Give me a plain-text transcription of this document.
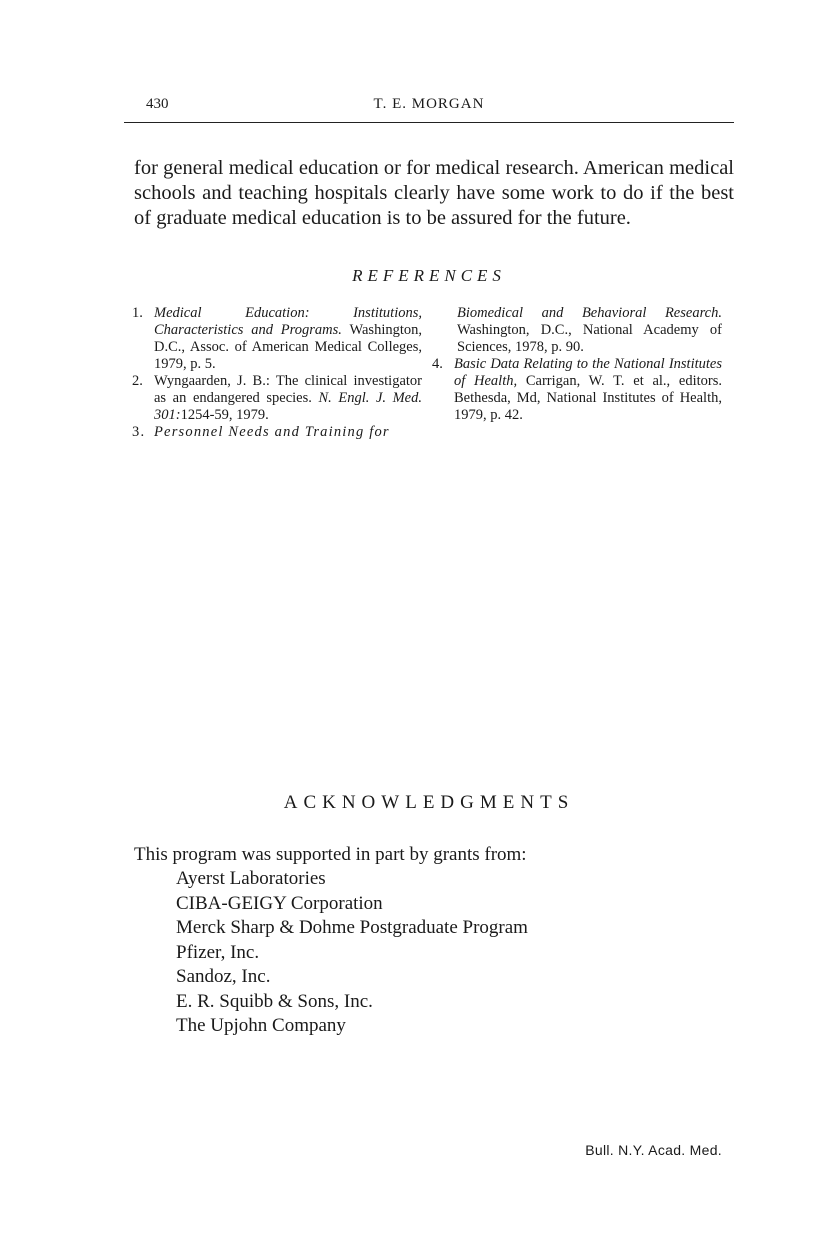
430	T. E. MORGAN

for general medical education or for medical research. American medical schools and teaching hospitals clearly have some work to do if the best of graduate medical education is to be assured for the future.

REFERENCES
1. Medical Education: Institutions, Characteristics and Programs. Washington, D.C., Assoc. of American Medical Colleges, 1979, p. 5.
2. Wyngaarden, J. B.: The clinical investigator as an endangered species. N. Engl. J. Med. 301:1254-59, 1979.
3. Personnel Needs and Training for
Biomedical and Behavioral Research. Washington, D.C., National Academy of Sciences, 1978, p. 90.
4. Basic Data Relating to the National Institutes of Health, Carrigan, W. T. et al., editors. Bethesda, Md, National Institutes of Health, 1979, p. 42.
ACKNOWLEDGMENTS
This program was supported in part by grants from:
Ayerst Laboratories
CIBA-GEIGY Corporation
Merck Sharp & Dohme Postgraduate Program
Pfizer, Inc.
Sandoz, Inc.
E. R. Squibb & Sons, Inc.
The Upjohn Company
Bull. N.Y. Acad. Med.
